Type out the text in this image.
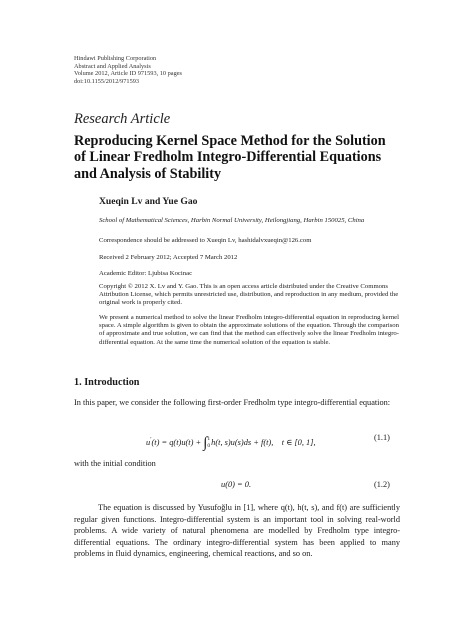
Hindawi Publishing Corporation
Abstract and Applied Analysis
Volume 2012, Article ID 971593, 10 pages
doi:10.1155/2012/971593
Research Article
Reproducing Kernel Space Method for the Solution
of Linear Fredholm Integro-Differential Equations
and Analysis of Stability
Xueqin Lv and Yue Gao
School of Mathematical Sciences, Harbin Normal University, Heilongjiang, Harbin 150025, China
Correspondence should be addressed to Xueqin Lv, hashidalvxueqin@126.com
Received 2 February 2012; Accepted 7 March 2012
Academic Editor: Ljubisa Kocinac
Copyright © 2012 X. Lv and Y. Gao. This is an open access article distributed under the Creative Commons Attribution License, which permits unrestricted use, distribution, and reproduction in any medium, provided the original work is properly cited.
We present a numerical method to solve the linear Fredholm integro-differential equation in reproducing kernel space. A simple algorithm is given to obtain the approximate solutions of the equation. Through the comparison of approximate and true solution, we can find that the method can effectively solve the linear Fredholm integro-differential equation. At the same time the numerical solution of the equation is stable.
1. Introduction
In this paper, we consider the following first-order Fredholm type integro-differential equation:
u′(t) = q(t)u(t) + ∫1
0h(t, s)u(s)ds + f(t), t ∈ [0, 1],
(1.1)
with the initial condition
u(0) = 0.	(1.2)
The equation is discussed by Yusufoğlu in [1], where q(t), h(t, s), and f(t) are sufficiently regular given functions. Integro-differential system is an important tool in solving real-world problems. A wide variety of natural phenomena are modelled by Fredholm type integro-differential equations. The ordinary integro-differential system has been applied to many problems in fluid dynamics, engineering, chemical reactions, and so on.
